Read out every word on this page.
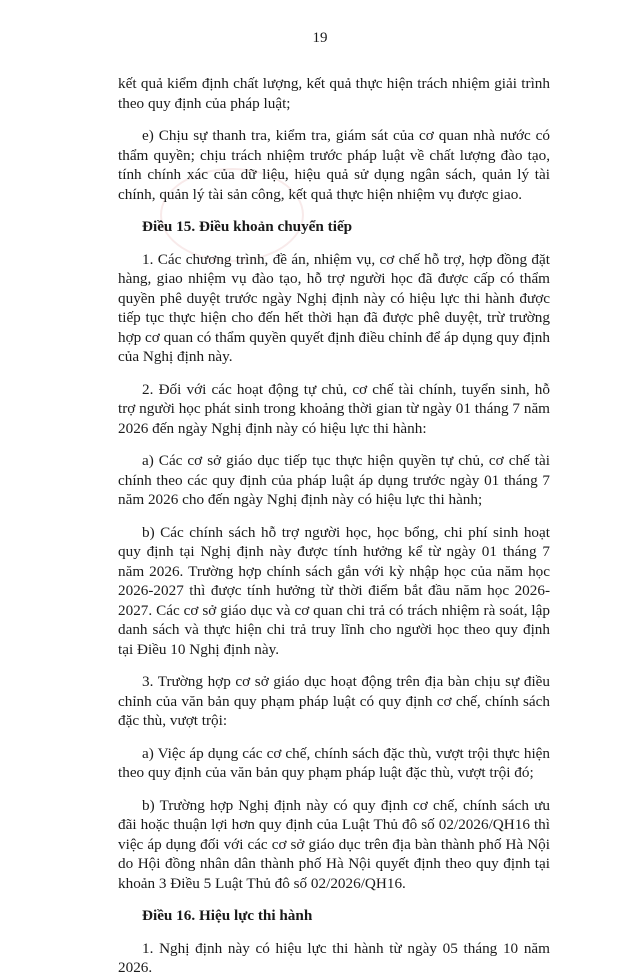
19

kết quả kiểm định chất lượng, kết quả thực hiện trách nhiệm giải trình theo quy định của pháp luật;

e) Chịu sự thanh tra, kiểm tra, giám sát của cơ quan nhà nước có thẩm quyền; chịu trách nhiệm trước pháp luật về chất lượng đào tạo, tính chính xác của dữ liệu, hiệu quả sử dụng ngân sách, quản lý tài chính, quản lý tài sản công, kết quả thực hiện nhiệm vụ được giao.

Điều 15. Điều khoản chuyển tiếp

1. Các chương trình, đề án, nhiệm vụ, cơ chế hỗ trợ, hợp đồng đặt hàng, giao nhiệm vụ đào tạo, hỗ trợ người học đã được cấp có thẩm quyền phê duyệt trước ngày Nghị định này có hiệu lực thi hành được tiếp tục thực hiện cho đến hết thời hạn đã được phê duyệt, trừ trường hợp cơ quan có thẩm quyền quyết định điều chỉnh để áp dụng quy định của Nghị định này.

2. Đối với các hoạt động tự chủ, cơ chế tài chính, tuyển sinh, hỗ trợ người học phát sinh trong khoảng thời gian từ ngày 01 tháng 7 năm 2026 đến ngày Nghị định này có hiệu lực thi hành:

a) Các cơ sở giáo dục tiếp tục thực hiện quyền tự chủ, cơ chế tài chính theo các quy định của pháp luật áp dụng trước ngày 01 tháng 7 năm 2026 cho đến ngày Nghị định này có hiệu lực thi hành;

b) Các chính sách hỗ trợ người học, học bổng, chi phí sinh hoạt quy định tại Nghị định này được tính hưởng kể từ ngày 01 tháng 7 năm 2026. Trường hợp chính sách gắn với kỳ nhập học của năm học 2026-2027 thì được tính hưởng từ thời điểm bắt đầu năm học 2026-2027. Các cơ sở giáo dục và cơ quan chi trả có trách nhiệm rà soát, lập danh sách và thực hiện chi trả truy lĩnh cho người học theo quy định tại Điều 10 Nghị định này.

3. Trường hợp cơ sở giáo dục hoạt động trên địa bàn chịu sự điều chỉnh của văn bản quy phạm pháp luật có quy định cơ chế, chính sách đặc thù, vượt trội:

a) Việc áp dụng các cơ chế, chính sách đặc thù, vượt trội thực hiện theo quy định của văn bản quy phạm pháp luật đặc thù, vượt trội đó;

b) Trường hợp Nghị định này có quy định cơ chế, chính sách ưu đãi hoặc thuận lợi hơn quy định của Luật Thủ đô số 02/2026/QH16 thì việc áp dụng đối với các cơ sở giáo dục trên địa bàn thành phố Hà Nội do Hội đồng nhân dân thành phố Hà Nội quyết định theo quy định tại khoản 3 Điều 5 Luật Thủ đô số 02/2026/QH16.

Điều 16. Hiệu lực thi hành

1. Nghị định này có hiệu lực thi hành từ ngày 05 tháng 10 năm 2026.
